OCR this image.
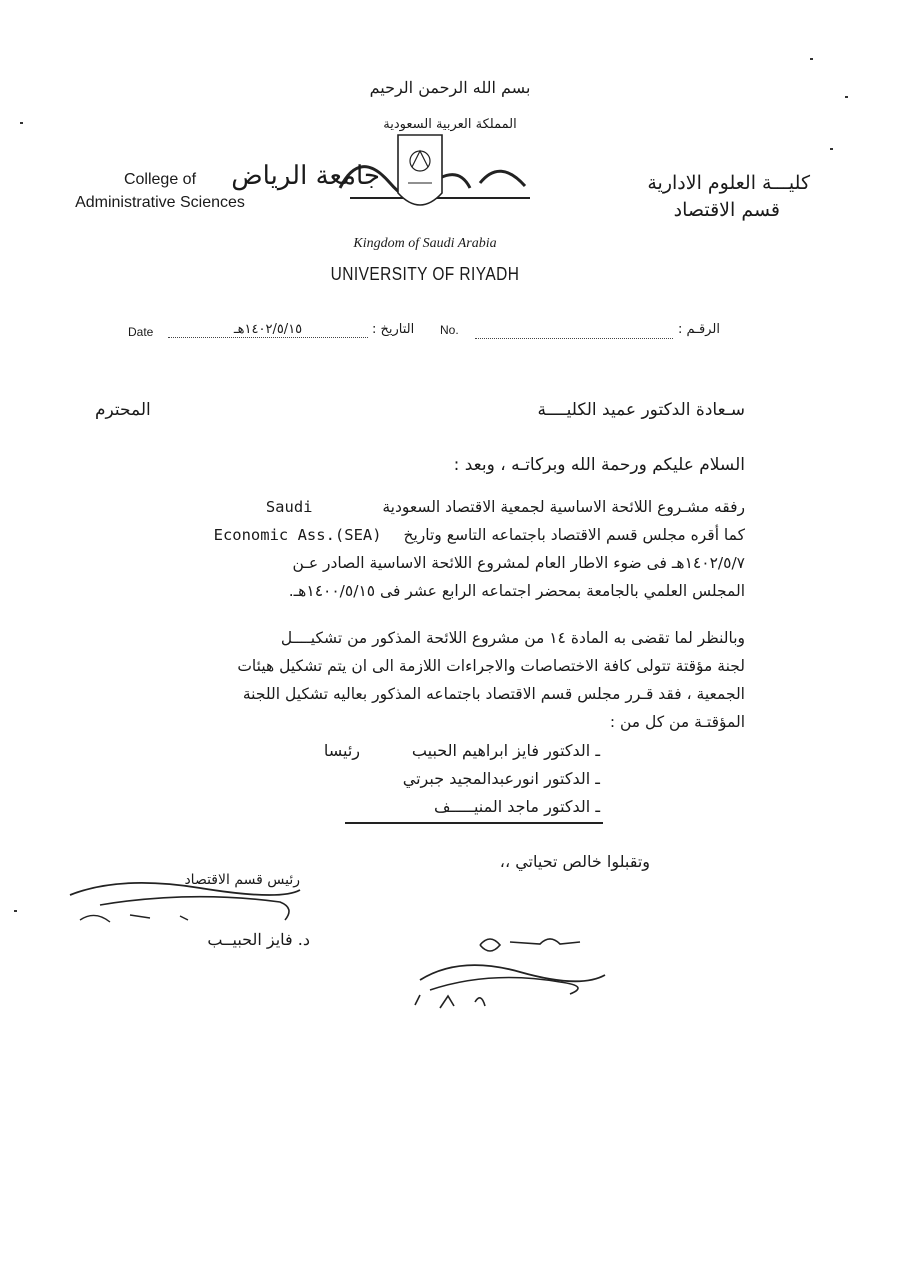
بسم الله الرحمن الرحيم
المملكة العربية السعودية
College of
Administrative Sciences
كليـــة العلوم الادارية
قسم الاقتصاد
جامعة الرياض
Kingdom of Saudi Arabia
UNIVERSITY OF RIYADH
Date	١٤٠٢/٥/١٥هـ	التاريخ : No.	الرقـم :
سـعادة الدكتور عميد الكليــــة
المحترم
السلام عليكم ورحمة الله وبركاتـه ، وبعد :
رفقه مشـروع اللائحة الاساسية لجمعية الاقتصاد السعودية  Saudi
كما أقره مجلس قسم الاقتصاد باجتماعه التاسع وتاريخ  Economic Ass.(SEA)
١٤٠٢/٥/٧هـ فى ضوء الاطار العام لمشروع اللائحة الاساسية الصادر عـن
المجلس العلمي بالجامعة بمحضر اجتماعه الرابع عشر فى ١٤٠٠/٥/١٥هـ.
وبالنظر لما تقضى به المادة ١٤ من مشروع اللائحة المذكور من تشكيــــل
لجنة مؤقتة تتولى كافة الاختصاصات والاجراءات اللازمة الى ان يتم تشكيل هيئات
الجمعية ، فقد قـرر مجلس قسم الاقتصاد باجتماعه المذكور بعاليه تشكيل اللجنة
المؤقتـة من كل من :
ـ الدكتور فايز ابراهيم الحبيب
رئيسا
ـ الدكتور انورعبدالمجيد جبرتي
ـ الدكتور ماجد المنيـــــف
وتقبلوا خالص تحياتي ،،
رئيس قسم الاقتصاد
د. فايز الحبيــب
